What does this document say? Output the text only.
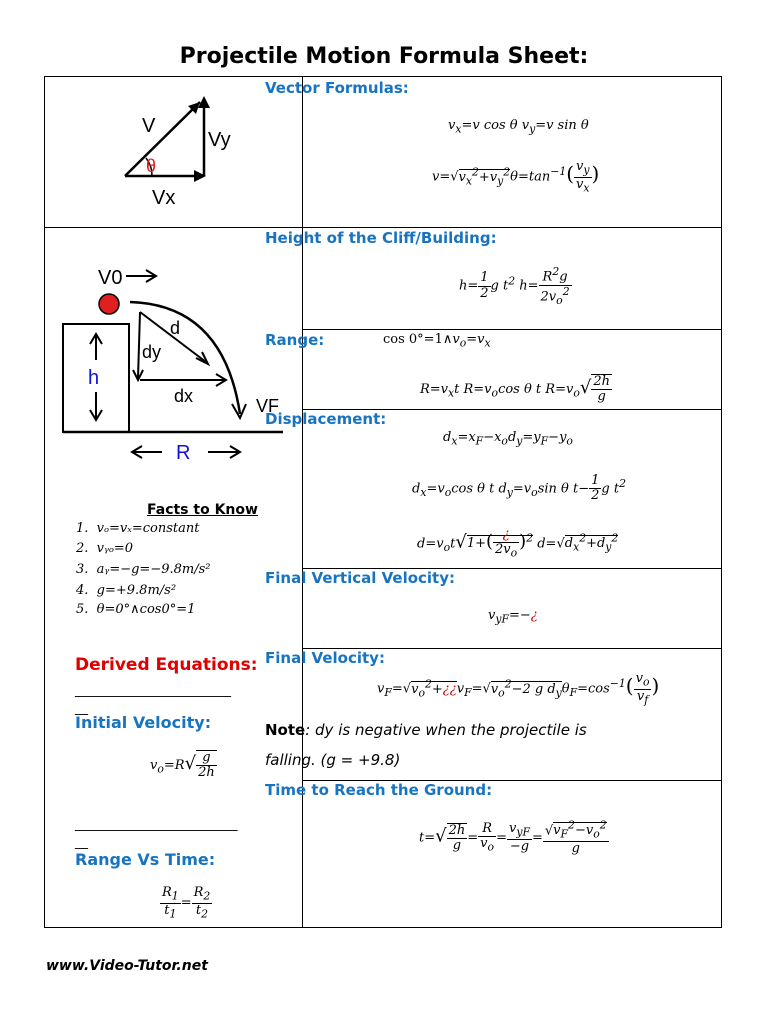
Projectile Motion Formula Sheet:
V
Vy
θ
Vx
V0
d
dy
h
dx	VF
R
Facts to Know
1. vₒ=vₓ=constant
2. vᵧₒ=0
3. aᵧ=−g=−9.8m/s²
4. g=+9.8m/s²
5. θ=0°∧cos0°=1
Derived Equations:
________________________
__
Initial Velocity:
$v_o=R√ \frac{g}{2h}$
_________________________
__
Range Vs Time:
$\frac{R_1}{t_1} = \frac{R_2}{t_2}$
Vector Formulas:
$v_x=v$ cos θ $v_y=v$ sin θ
$v=√v_x^2+v_y^2\theta=\tan^{-1}( \frac{v_y}{v_x}$ )
Height of the Cliff/Building:
$h= \frac{1}{2}$ g $t^2$ $h= \frac{R^2g}{2v_o^2}$
Range:	$\cos 0^\circ=1\wedge v_o=v_x$
$R=v_xt$ $R=v_o\cos$ θ t $R=v_o√ \frac{2h}{g}$
Displacement:
$d_x=x_F-x_od_y=y_F-y_o$
$d_x=v_o\cos$ θ t $d_y=v_o\sin$ θ $t- \frac{1}{2}$ g $t^2$
$d=v_ot√1+( \frac{¿}{2v_o} )^2$ $d=√d_x^2+d_y^2$
Final Vertical Velocity:
$v_{yF}=-¿$
Final Velocity:
$v_F=√v_o^2+¿¿v_F=√v_o^2-2$ g $d_y\theta_F=\cos^{-1}( \frac{v_o}{v_f}$ )
Note: dy is negative when the projectile is
falling. (g = +9.8)
Time to Reach the Ground:
$t=√ \frac{2h}{g} = \frac{R}{v_o} = \frac{v_{yF}}{-g} = \frac{√v_F^2-v_o^2}{g}$
www.Video-Tutor.net
